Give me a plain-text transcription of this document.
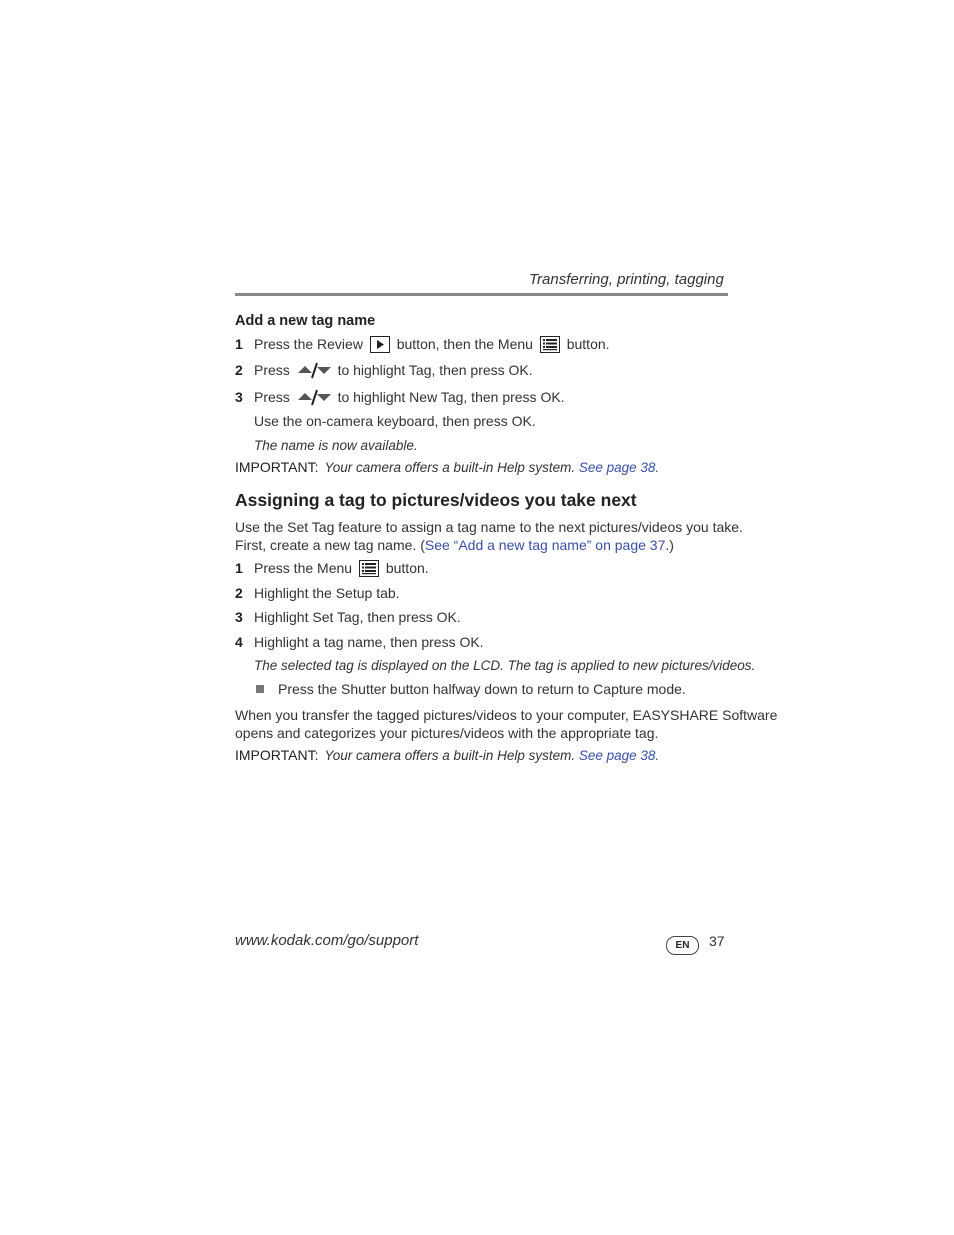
Transferring, printing, tagging
Add a new tag name
1 Press the Review button, then the Menu button.
2 Press	to highlight Tag, then press OK.
3 Press	to highlight New Tag, then press OK.
Use the on-camera keyboard, then press OK.
The name is now available.
IMPORTANT: Your camera offers a built-in Help system. See page 38.
Assigning a tag to pictures/videos you take next
Use the Set Tag feature to assign a tag name to the next pictures/videos you take.
First, create a new tag name. (See “Add a new tag name” on page 37.)
1 Press the Menu button.
2 Highlight the Setup tab.
3 Highlight Set Tag, then press OK.
4 Highlight a tag name, then press OK.
The selected tag is displayed on the LCD. The tag is applied to new pictures/videos.
Press the Shutter button halfway down to return to Capture mode.
When you transfer the tagged pictures/videos to your computer, EASYSHARE Software
opens and categorizes your pictures/videos with the appropriate tag.
IMPORTANT: Your camera offers a built-in Help system. See page 38.
www.kodak.com/go/support	EN	37
